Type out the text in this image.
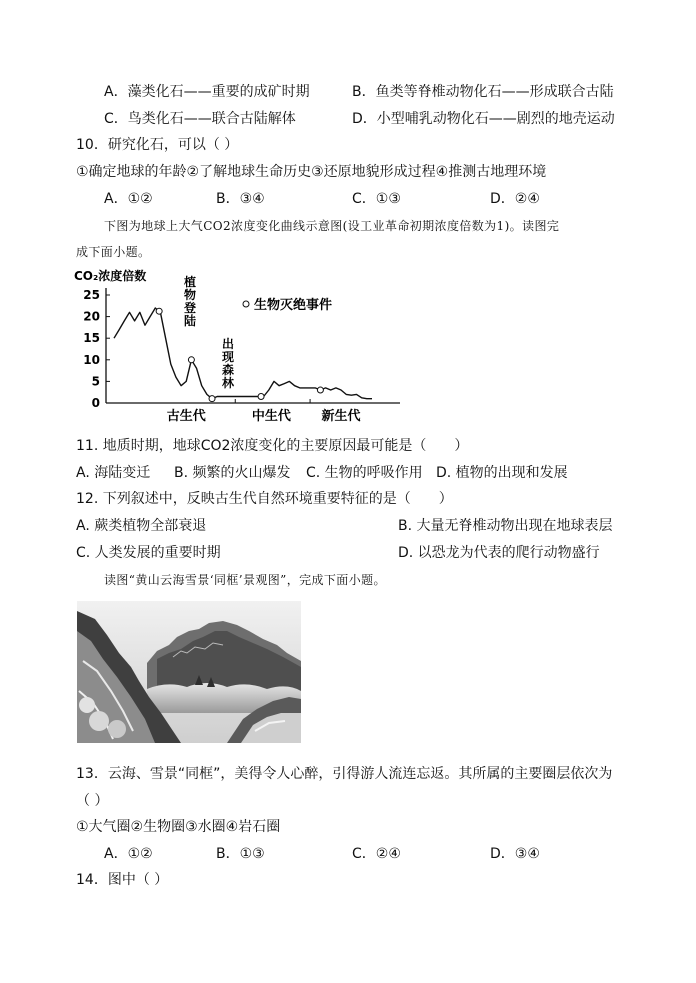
A．藻类化石——重要的成矿时期	B．鱼类等脊椎动物化石——形成联合古陆
C．鸟类化石——联合古陆解体	D．小型哺乳动物化石——剧烈的地壳运动
10．研究化石，可以（ ）
①确定地球的年龄②了解地球生命历史③还原地貌形成过程④推测古地理环境
A．①②	B．③④	C．①③	D．②④
下图为地球上大气CO2浓度变化曲线示意图(设工业革命初期浓度倍数为1)。读图完
成下面小题。
25
20
15
10
5
0
CO₂浓度倍数
古生代	中生代 新生代
生物灭绝事件
植
物
登
陆
出
现
森
林
11. 地质时期，地球CO2浓度变化的主要原因最可能是（　　）
A. 海陆变迁 B. 频繁的火山爆发 C. 生物的呼吸作用 D. 植物的出现和发展
12. 下列叙述中，反映古生代自然环境重要特征的是（　　）
A. 蕨类植物全部衰退	B. 大量无脊椎动物出现在地球表层
C. 人类发展的重要时期	D. 以恐龙为代表的爬行动物盛行
读图“黄山云海雪景‘同框’景观图”，完成下面小题。
13．云海、雪景“同框”，美得令人心醉，引得游人流连忘返。其所属的主要圈层依次为
（ ）
①大气圈②生物圈③水圈④岩石圈
A．①②	B．①③	C．②④	D．③④
14．图中（ ）
